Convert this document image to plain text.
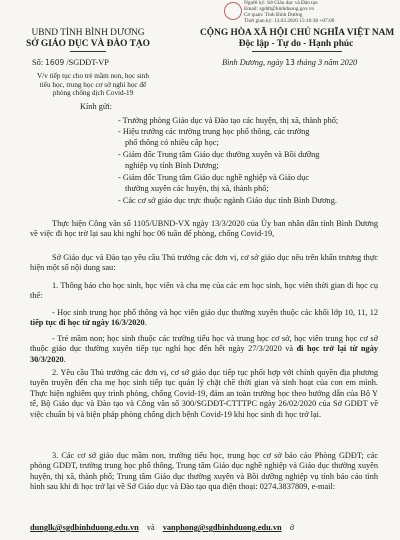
Người ký: Sở Giáo dục và Đào tạo
Email: sgddt@binhduong.gov.vn
Cơ quan: Tỉnh Bình Dương
Thời gian ký: 13.03.2020 15:16:38 +07:00
UBND TỈNH BÌNH DƯƠNG
SỞ GIÁO DỤC VÀ ĐÀO TẠO
Số: 1609 /SGDĐT-VP
V/v tiếp tục cho trẻ mầm non, học sinh
tiểu học, trung học cơ sở nghỉ học để
phòng chống dịch Covid-19
CỘNG HÒA XÃ HỘI CHỦ NGHĨA VIỆT NAM
Độc lập - Tự do - Hạnh phúc
Bình Dương, ngày 13 tháng 3 năm 2020
Kính gửi:
- Trưởng phòng Giáo dục và Đào tạo các huyện, thị xã, thành phố;
- Hiệu trưởng các trường trung học phổ thông, các trường
phổ thông có nhiều cấp học;
- Giám đốc Trung tâm Giáo dục thường xuyên và Bồi dưỡng
nghiệp vụ tỉnh Bình Dương;
- Giám đốc Trung tâm Giáo dục nghề nghiệp và Giáo dục
thường xuyên các huyện, thị xã, thành phố;
- Các cơ sở giáo dục trực thuộc ngành Giáo dục tỉnh Bình Dương.
Thực hiện Công văn số 1105/UBND-VX ngày 13/3/2020 của Ủy ban nhân dân tỉnh Bình Dương về việc đi học trở lại sau khi nghỉ học 06 tuần để phòng, chống Covid-19,
Sở Giáo dục và Đào tạo yêu cầu Thủ trưởng các đơn vị, cơ sở giáo dục nêu trên khẩn trương thực hiện một số nội dung sau:
1. Thông báo cho học sinh, học viên và cha mẹ của các em học sinh, học viên thời gian đi học cụ thể:
- Học sinh trung học phổ thông và học viên giáo dục thường xuyên thuộc các khối lớp 10, 11, 12 tiếp tục đi học từ ngày 16/3/2020.
- Trẻ mầm non; học sinh thuộc các trường tiểu học và trung học cơ sở, học viên trung học cơ sở thuộc giáo dục thường xuyên tiếp tục nghỉ học đến hết ngày 27/3/2020 và đi học trở lại từ ngày 30/3/2020.
2. Yêu cầu Thủ trưởng các đơn vị, cơ sở giáo dục tiếp tục phối hợp với chính quyền địa phương tuyên truyền đến cha mẹ học sinh tiếp tục quản lý chặt chẽ thời gian và sinh hoạt của con em mình. Thực hiện nghiêm quy trình phòng, chống Covid-19, đảm an toàn trường học theo hướng dẫn của Bộ Y tế, Bộ Giáo dục và Đào tạo và Công văn số 300/SGDĐT-CTTTPC ngày 26/02/2020 của Sở GDĐT về việc chuẩn bị và biện pháp phòng chống dịch bệnh Covid-19 khi học sinh đi học trở lại.
3. Các cơ sở giáo dục mầm non, trường tiểu học, trung học cơ sở báo cáo Phòng GDĐT; các phòng GDĐT, trường trung học phổ thông, Trung tâm Giáo dục nghề nghiệp và Giáo dục thường xuyên huyện, thị xã, thành phố; Trung tâm Giáo dục thường xuyên và Bồi dưỡng nghiệp vụ tỉnh báo cáo tình hình sau khi đi học trở lại về Sở Giáo dục và Đào tạo qua điện thoại: 0274.3837809, e-mail:
dunglk@sgdbinhduong.edu.vn và vanphong@sgdbinhduong.edu.vn ở
